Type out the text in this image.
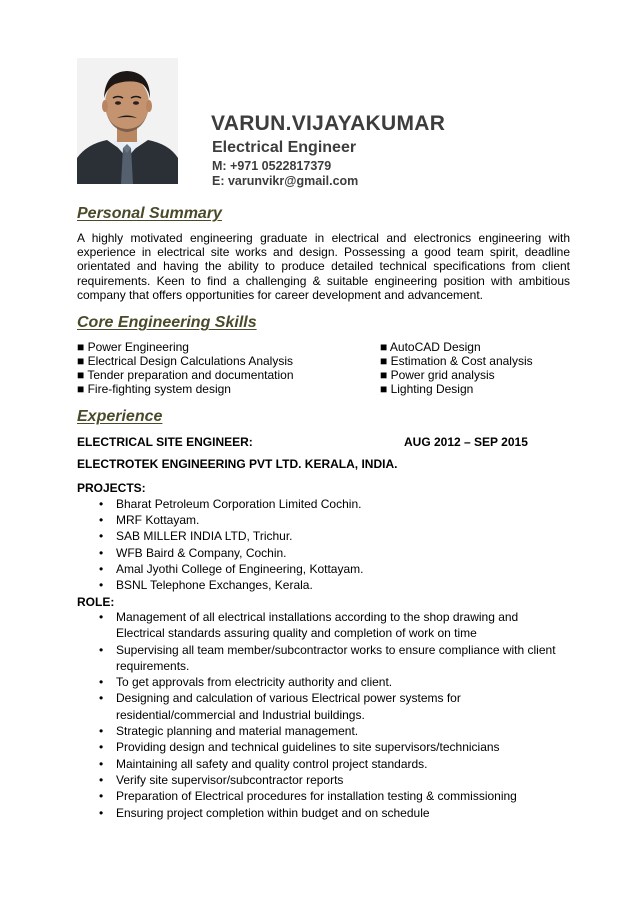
VARUN.VIJAYAKUMAR
Electrical Engineer
M: +971 0522817379
E: varunvikr@gmail.com
Personal Summary

A highly motivated engineering graduate in electrical and electronics engineering with experience in electrical site works and design. Possessing a good team spirit, deadline orientated and having the ability to produce detailed technical specifications from client requirements. Keen to find a challenging & suitable engineering position with ambitious company that offers opportunities for career development and advancement.

Core Engineering Skills
■ Power Engineering
■ Electrical Design Calculations Analysis
■ Tender preparation and documentation
■ Fire-fighting system design
■ AutoCAD Design
■ Estimation & Cost analysis
■ Power grid analysis
■ Lighting Design
Experience
ELECTRICAL SITE ENGINEER:	AUG 2012 – SEP 2015
ELECTROTEK ENGINEERING PVT LTD. KERALA, INDIA.
PROJECTS:
• Bharat Petroleum Corporation Limited Cochin.
• MRF Kottayam.
• SAB MILLER INDIA LTD, Trichur.
• WFB Baird & Company, Cochin.
• Amal Jyothi College of Engineering, Kottayam.
• BSNL Telephone Exchanges, Kerala.
ROLE:
• Management of all electrical installations according to the shop drawing and
Electrical standards assuring quality and completion of work on time
• Supervising all team member/subcontractor works to ensure compliance with client
requirements.
• To get approvals from electricity authority and client.
• Designing and calculation of various Electrical power systems for
residential/commercial and Industrial buildings.
• Strategic planning and material management.
• Providing design and technical guidelines to site supervisors/technicians
• Maintaining all safety and quality control project standards.
• Verify site supervisor/subcontractor reports
• Preparation of Electrical procedures for installation testing & commissioning
• Ensuring project completion within budget and on schedule
